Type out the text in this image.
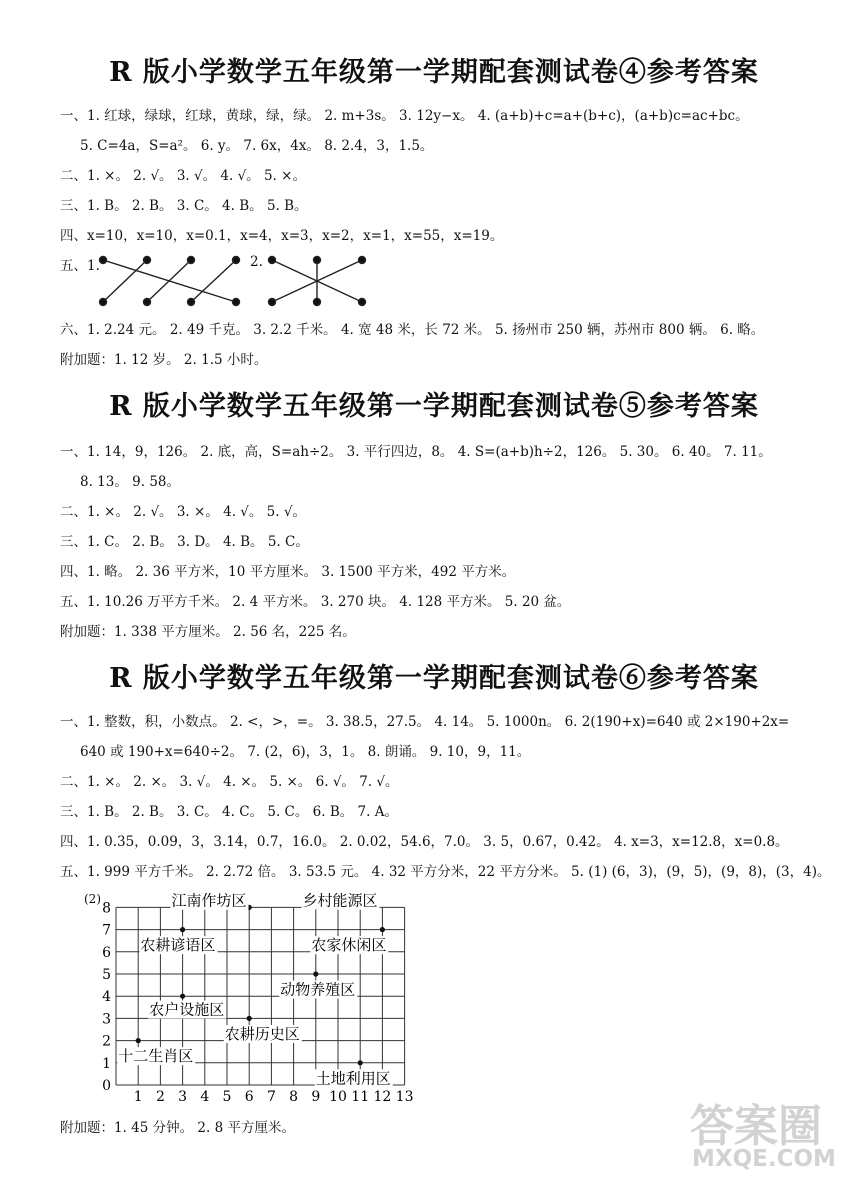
R 版小学数学五年级第一学期配套测试卷④参考答案
一、1. 红球，绿球，红球，黄球，绿，绿。 2. m+3s。 3. 12y−x。 4. (a+b)+c=a+(b+c)，(a+b)c=ac+bc。
5. C=4a，S=a²。 6. y。 7. 6x，4x。 8. 2.4，3，1.5。
二、1. ×。 2. √。 3. √。 4. √。 5. ×。
三、1. B。 2. B。 3. C。 4. B。 5. B。
四、x=10，x=10，x=0.1，x=4，x=3，x=2，x=1，x=55，x=19。
五、1.	2.
六、1. 2.24 元。 2. 49 千克。 3. 2.2 千米。 4. 宽 48 米，长 72 米。 5. 扬州市 250 辆，苏州市 800 辆。 6. 略。
附加题：1. 12 岁。 2. 1.5 小时。
R 版小学数学五年级第一学期配套测试卷⑤参考答案
一、1. 14，9，126。 2. 底，高，S=ah÷2。 3. 平行四边，8。 4. S=(a+b)h÷2，126。 5. 30。 6. 40。 7. 11。
8. 13。 9. 58。
二、1. ×。 2. √。 3. ×。 4. √。 5. √。
三、1. C。 2. B。 3. D。 4. B。 5. C。
四、1. 略。 2. 36 平方米，10 平方厘米。 3. 1500 平方米，492 平方米。
五、1. 10.26 万平方千米。 2. 4 平方米。 3. 270 块。 4. 128 平方米。 5. 20 盆。
附加题：1. 338 平方厘米。 2. 56 名，225 名。
R 版小学数学五年级第一学期配套测试卷⑥参考答案
一、1. 整数，积，小数点。 2. <，>，=。 3. 38.5，27.5。 4. 14。 5. 1000n。 6. 2(190+x)=640 或 2×190+2x=
640 或 190+x=640÷2。 7. (2，6)，3，1。 8. 朗诵。 9. 10，9，11。
二、1. ×。 2. ×。 3. √。 4. ×。 5. ×。 6. √。 7. √。
三、1. B。 2. B。 3. C。 4. C。 5. C。 6. B。 7. A。
四、1. 0.35，0.09，3，3.14，0.7，16.0。 2. 0.02，54.6，7.0。 3. 5，0.67，0.42。 4. x=3，x=12.8，x=0.8。
五、1. 999 平方千米。 2. 2.72 倍。 3. 53.5 元。 4. 32 平方分米，22 平方分米。 5. (1) (6，3)，(9，5)，(9，8)，(3，4)。
(2)
1 2 3 4 5 6 7 8 9 10 11 12 13
0
1
2
3
4
5
6
7
8	江南作坊区	乡村能源区
农耕谚语区	农家休闲区
动物养殖区
农户设施区
农耕历史区
十二生肖区
土地利用区
附加题：1. 45 分钟。 2. 8 平方厘米。	答案圈
MXQE.COM
